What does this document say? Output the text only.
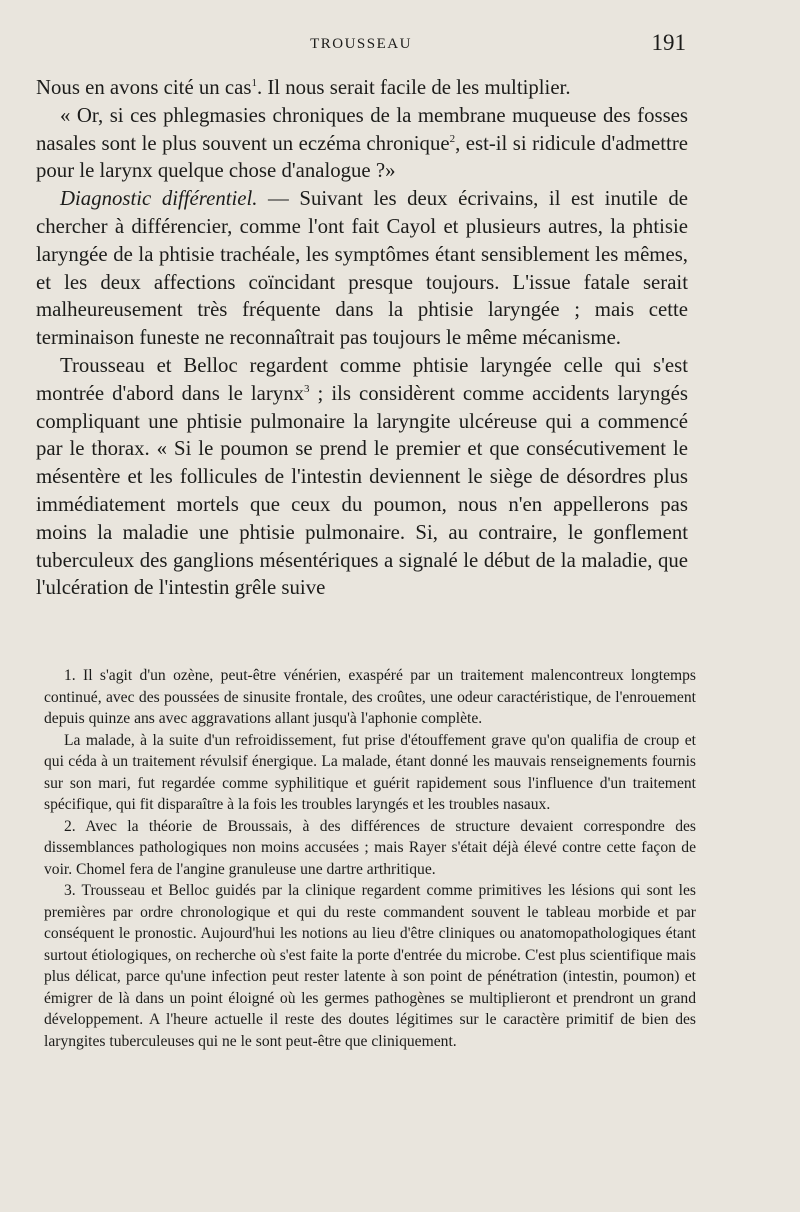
TROUSSEAU	191

Nous en avons cité un cas$^1$. Il nous serait facile de les multiplier.

« Or, si ces phlegmasies chroniques de la membrane muqueuse des fosses nasales sont le plus souvent un eczéma chronique$^2$, est-il si ridicule d'admettre pour le larynx quelque chose d'analogue ?»

Diagnostic différentiel. — Suivant les deux écrivains, il est inutile de chercher à différencier, comme l'ont fait Cayol et plusieurs autres, la phtisie laryngée de la phtisie trachéale, les symptômes étant sensiblement les mêmes, et les deux affections coïncidant presque toujours. L'issue fatale serait malheureusement très fréquente dans la phtisie laryngée ; mais cette terminaison funeste ne reconnaîtrait pas toujours le même mécanisme.

Trousseau et Belloc regardent comme phtisie laryngée celle qui s'est montrée d'abord dans le larynx$^3$ ; ils considèrent comme accidents laryngés compliquant une phtisie pulmonaire la laryngite ulcéreuse qui a commencé par le thorax. « Si le poumon se prend le premier et que consécutivement le mésentère et les follicules de l'intestin deviennent le siège de désordres plus immédiatement mortels que ceux du poumon, nous n'en appellerons pas moins la maladie une phtisie pulmonaire. Si, au contraire, le gonflement tuberculeux des ganglions mésentériques a signalé le début de la maladie, que l'ulcération de l'intestin grêle suive

1. Il s'agit d'un ozène, peut-être vénérien, exaspéré par un traitement malencontreux longtemps continué, avec des poussées de sinusite frontale, des croûtes, une odeur caractéristique, de l'enrouement depuis quinze ans avec aggravations allant jusqu'à l'aphonie complète.

La malade, à la suite d'un refroidissement, fut prise d'étouffement grave qu'on qualifia de croup et qui céda à un traitement révulsif énergique. La malade, étant donné les mauvais renseignements fournis sur son mari, fut regardée comme syphilitique et guérit rapidement sous l'influence d'un traitement spécifique, qui fit disparaître à la fois les troubles laryngés et les troubles nasaux.

2. Avec la théorie de Broussais, à des différences de structure devaient correspondre des dissemblances pathologiques non moins accusées ; mais Rayer s'était déjà élevé contre cette façon de voir. Chomel fera de l'angine granuleuse une dartre arthritique.

3. Trousseau et Belloc guidés par la clinique regardent comme primitives les lésions qui sont les premières par ordre chronologique et qui du reste commandent souvent le tableau morbide et par conséquent le pronostic. Aujourd'hui les notions au lieu d'être cliniques ou anatomopathologiques étant surtout étiologiques, on recherche où s'est faite la porte d'entrée du microbe. C'est plus scientifique mais plus délicat, parce qu'une infection peut rester latente à son point de pénétration (intestin, poumon) et émigrer de là dans un point éloigné où les germes pathogènes se multiplieront et prendront un grand développement. A l'heure actuelle il reste des doutes légitimes sur le caractère primitif de bien des laryngites tuberculeuses qui ne le sont peut-être que cliniquement.
